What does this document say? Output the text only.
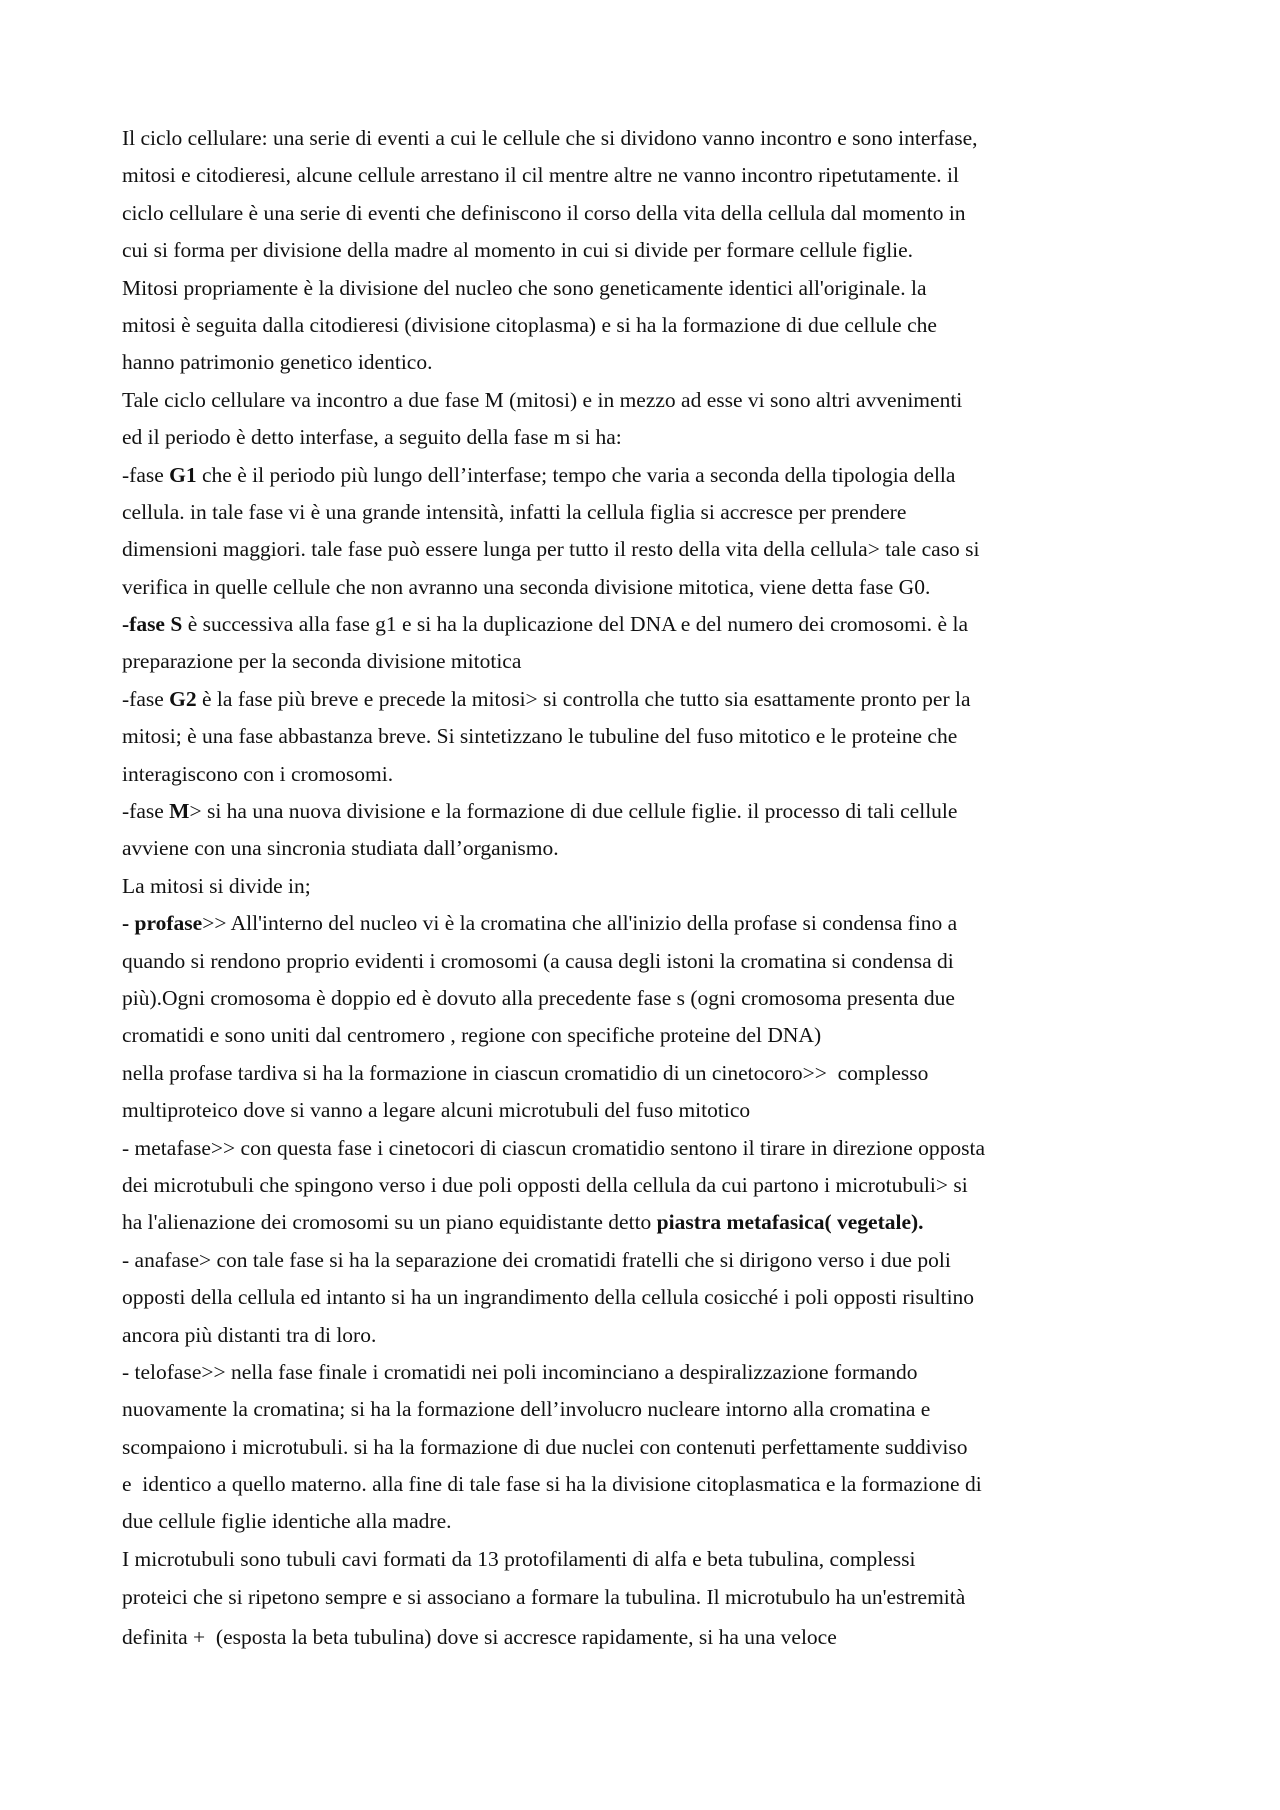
Il ciclo cellulare: una serie di eventi a cui le cellule che si dividono vanno incontro e sono interfase,
mitosi e citodieresi, alcune cellule arrestano il cil mentre altre ne vanno incontro ripetutamente. il
ciclo cellulare è una serie di eventi che definiscono il corso della vita della cellula dal momento in
cui si forma per divisione della madre al momento in cui si divide per formare cellule figlie.
Mitosi propriamente è la divisione del nucleo che sono geneticamente identici all'originale. la
mitosi è seguita dalla citodieresi (divisione citoplasma) e si ha la formazione di due cellule che
hanno patrimonio genetico identico.
Tale ciclo cellulare va incontro a due fase M (mitosi) e in mezzo ad esse vi sono altri avvenimenti
ed il periodo è detto interfase, a seguito della fase m si ha:
-fase G1 che è il periodo più lungo dell’interfase; tempo che varia a seconda della tipologia della
cellula. in tale fase vi è una grande intensità, infatti la cellula figlia si accresce per prendere
dimensioni maggiori. tale fase può essere lunga per tutto il resto della vita della cellula> tale caso si
verifica in quelle cellule che non avranno una seconda divisione mitotica, viene detta fase G0.
-fase S è successiva alla fase g1 e si ha la duplicazione del DNA e del numero dei cromosomi. è la
preparazione per la seconda divisione mitotica
-fase G2 è la fase più breve e precede la mitosi> si controlla che tutto sia esattamente pronto per la
mitosi; è una fase abbastanza breve. Si sintetizzano le tubuline del fuso mitotico e le proteine che
interagiscono con i cromosomi.
-fase M> si ha una nuova divisione e la formazione di due cellule figlie. il processo di tali cellule
avviene con una sincronia studiata dall’organismo.
La mitosi si divide in;
- profase>> All'interno del nucleo vi è la cromatina che all'inizio della profase si condensa fino a
quando si rendono proprio evidenti i cromosomi (a causa degli istoni la cromatina si condensa di
più).Ogni cromosoma è doppio ed è dovuto alla precedente fase s (ogni cromosoma presenta due
cromatidi e sono uniti dal centromero , regione con specifiche proteine del DNA)
nella profase tardiva si ha la formazione in ciascun cromatidio di un cinetocoro>>  complesso
multiproteico dove si vanno a legare alcuni microtubuli del fuso mitotico
- metafase>> con questa fase i cinetocori di ciascun cromatidio sentono il tirare in direzione opposta
dei microtubuli che spingono verso i due poli opposti della cellula da cui partono i microtubuli> si
ha l'alienazione dei cromosomi su un piano equidistante detto piastra metafasica( vegetale).
- anafase> con tale fase si ha la separazione dei cromatidi fratelli che si dirigono verso i due poli
opposti della cellula ed intanto si ha un ingrandimento della cellula cosicché i poli opposti risultino
ancora più distanti tra di loro.
- telofase>> nella fase finale i cromatidi nei poli incominciano a despiralizzazione formando
nuovamente la cromatina; si ha la formazione dell’involucro nucleare intorno alla cromatina e
scompaiono i microtubuli. si ha la formazione di due nuclei con contenuti perfettamente suddiviso
e  identico a quello materno. alla fine di tale fase si ha la divisione citoplasmatica e la formazione di
due cellule figlie identiche alla madre.
I microtubuli sono tubuli cavi formati da 13 protofilamenti di alfa e beta tubulina, complessi
proteici che si ripetono sempre e si associano a formare la tubulina. Il microtubulo ha un'estremità
definita +  (esposta la beta tubulina) dove si accresce rapidamente, si ha una veloce
